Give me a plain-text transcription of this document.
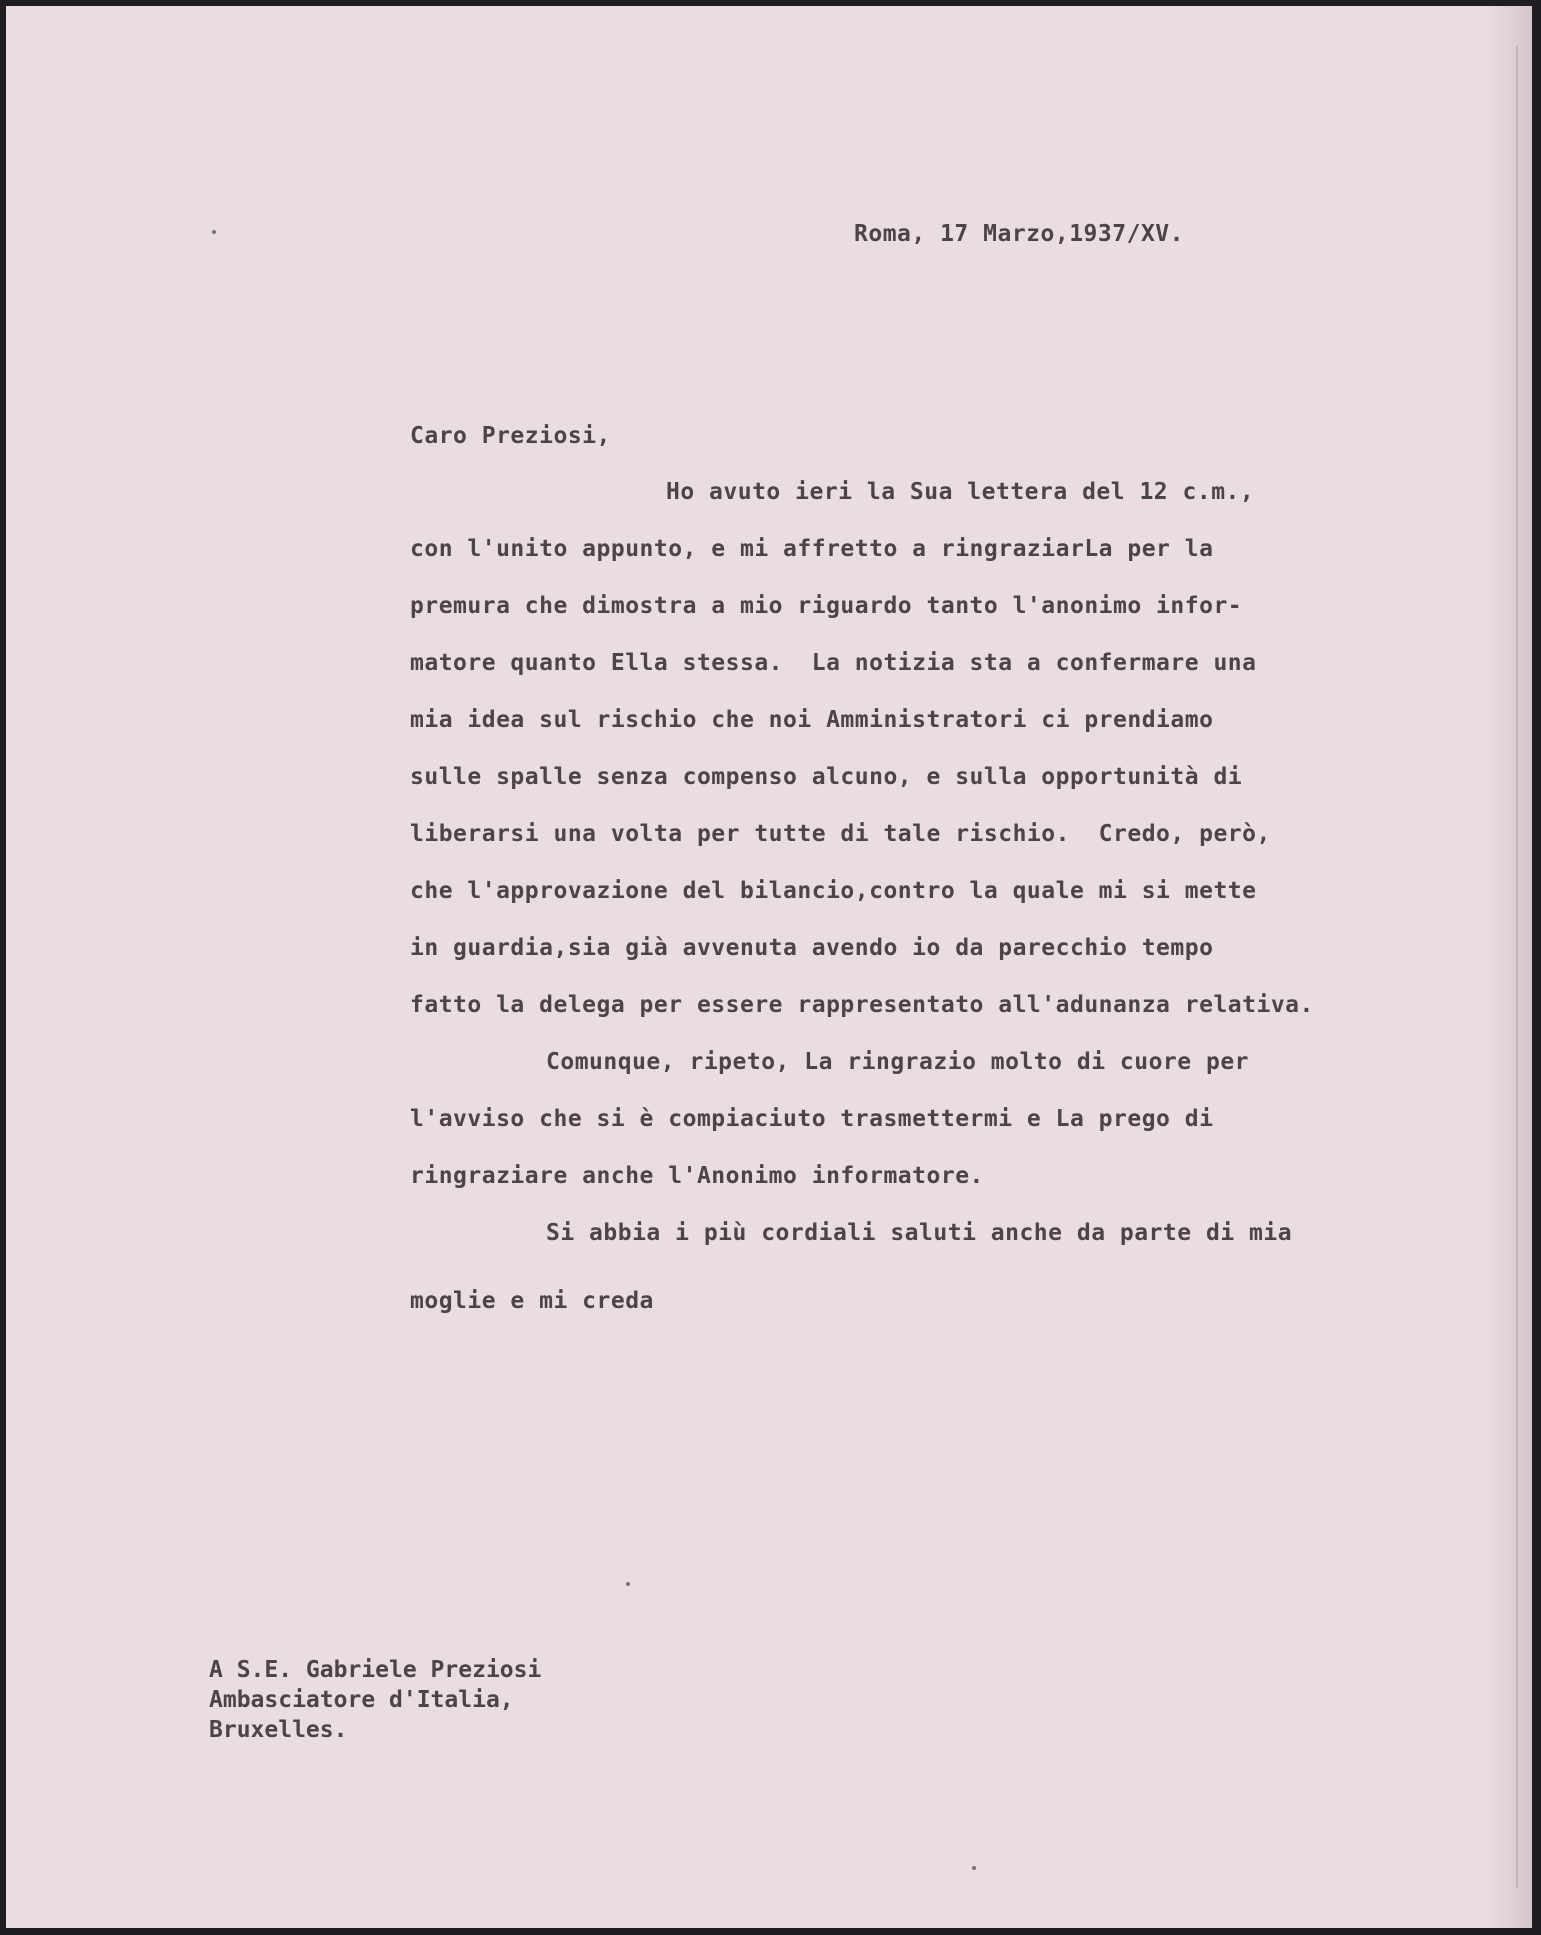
Roma, 17 Marzo,1937/XV.
Caro Preziosi,
Ho avuto ieri la Sua lettera del 12 c.m.,
con l'unito appunto, e mi affretto a ringraziarLa per la
premura che dimostra a mio riguardo tanto l'anonimo infor-
matore quanto Ella stessa.  La notizia sta a confermare una
mia idea sul rischio che noi Amministratori ci prendiamo
sulle spalle senza compenso alcuno, e sulla opportunità di
liberarsi una volta per tutte di tale rischio.  Credo, però,
che l'approvazione del bilancio,contro la quale mi si mette
in guardia,sia già avvenuta avendo io da parecchio tempo
fatto la delega per essere rappresentato all'adunanza relativa.
Comunque, ripeto, La ringrazio molto di cuore per
l'avviso che si è compiaciuto trasmettermi e La prego di
ringraziare anche l'Anonimo informatore.
Si abbia i più cordiali saluti anche da parte di mia
moglie e mi creda
A S.E. Gabriele Preziosi
Ambasciatore d'Italia,
Bruxelles.
